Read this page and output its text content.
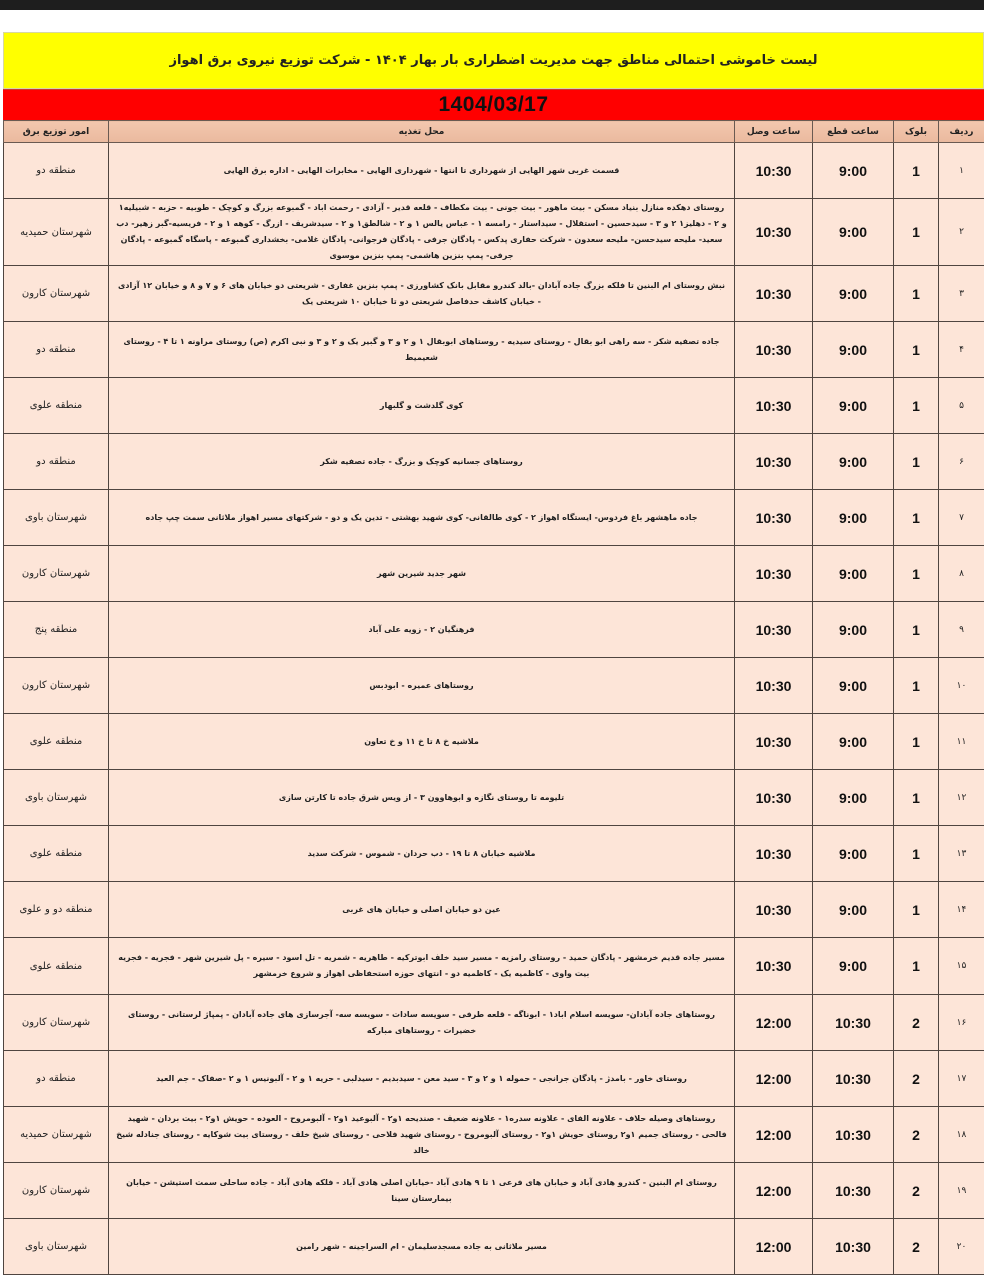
لیست خاموشی احتمالی مناطق جهت مدیریت اضطراری بار بهار ۱۴۰۴ - شرکت توزیع نیروی برق اهواز
1404/03/17
ردیف	بلوک	ساعت قطع	ساعت وصل	محل تغذیه	امور توزیع برق
۱	1	9:00	10:30	قسمت غربی شهر الهایی از شهرداری تا انتها - شهرداری الهایی - مخابرات الهایی - اداره برق الهایی	منطقه دو
۲	1	9:00	10:30	روستای دهکده منازل بنیاد مسکن - بیت ماهور - بیت جونی - بیت مکطاف - قلعه قدیر - آزادی - رحمت اباد - گمبوعه بزرگ و کوچک - طوبیه - حزبه - شبیلیه۱ و ۲ - دهلیز۱ ۲ و ۳ - سیدحسین - استقلال - سیداستار - رامسه ۱ - عباس یالس ۱ و ۲ - شالطق۱ و ۲ - سیدشریف - ازرگ - کوهه ۱ و ۲ - فریسیه-گبر زهیر- دب سعید- ملیحه سیدحسن- ملیحه سعدون - شرکت حفاری پدکس - پادگان جرفی - پادگان فرجوانی- پادگان غلامی- بخشداری گمبوعه - پاسگاه گمبوعه - پادگان جرفی- پمپ بنزین هاشمی- پمپ بنزین موسوی	شهرستان حمیدیه
۳	1	9:00	10:30	نبش روستای ام البنین تا فلکه بزرگ جاده آبادان -بالد کندرو مقابل بانک کشاورزی - پمپ بنزین غفاری - شریعتی دو خیابان های ۶ و ۷ و ۸ و خیابان ۱۲ آزادی - خیابان کاشف حدفاصل شریعتی دو تا خیابان ۱۰ شریعتی یک	شهرستان کارون
۴	1	9:00	10:30	جاده تصفیه شکر - سه راهی ابو بقال - روستای سیدیه - روستاهای ابوبقال ۱ و ۲ و ۳ و گبیر یک و ۲ و ۳ و نبی اکرم (ص) روستای مراونه ۱ تا ۴ - روستای شعیمیط	منطقه دو
۵	1	9:00	10:30	کوی گلدشت و گلبهار	منطقه علوی
۶	1	9:00	10:30	روستاهای جسانیه کوچک و بزرگ - جاده تصفیه شکر	منطقه دو
۷	1	9:00	10:30	جاده ماهشهر باغ فردوس- ایستگاه اهواز ۲ - کوی طالقانی- کوی شهید بهشتی - تدین یک و دو - شرکتهای مسیر اهواز ملاثانی سمت چپ جاده	شهرستان باوی
۸	1	9:00	10:30	شهر جدید شیرین شهر	شهرستان کارون
۹	1	9:00	10:30	فرهنگیان ۲ - زویه علی آباد	منطقه پنج
۱۰	1	9:00	10:30	روستاهای عمیره - ابودبس	شهرستان کارون
۱۱	1	9:00	10:30	ملاشیه خ ۸ تا خ ۱۱ و خ تعاون	منطقه علوی
۱۲	1	9:00	10:30	تلیومه تا روستای نگازه و ابوهاوون ۳ - از ویس شرق جاده تا کارتن سازی	شهرستان باوی
۱۳	1	9:00	10:30	ملاشیه خیابان ۸ تا ۱۹ - دب حردان - شموس - شرکت سدید	منطقه علوی
۱۴	1	9:00	10:30	عین دو خیابان اصلی و خیابان های غربی	منطقه دو و علوی
۱۵	1	9:00	10:30	مسیر جاده قدیم خرمشهر - پادگان حمید - روستای رامزیه - مسیر سید خلف ابوترکیه - طاهریه - شمریه - تل اسود - سیره - پل شیرین شهر - فجریه - فجریه بیت واوی - کاظمیه یک - کاظمیه دو - انتهای حوزه استحفاظی اهواز و شروع خرمشهر	منطقه علوی
۱۶	2	10:30	12:00	روستاهای جاده آبادان- سویسه اسلام اباد۱ - ابوناگه - قلعه طرفی - سویسه سادات - سویسه سه- آجرسازی های جاده آبادان - پمپاژ لرستانی - روستای خضیرات - روستاهای مبارکه	شهرستان کارون
۱۷	2	10:30	12:00	روستای خاور - بامدژ - پادگان جرانجی - حموله ۱ و ۲ و ۳ - سید معن - سیدبدیم - سیدلبی - حریه ۱ و ۲ - آلبونیس ۱ و ۲ -صفاک - جم العید	منطقه دو
۱۸	2	10:30	12:00	روستاهای وصیله حلاف - علاونه الفای - علاونه سدره۱ - علاونه ضعیف - صندیحه ۱و۲ - آلبوعید ۱و۲ - آلبومروح - العوده - حویش ۱و۲ - بیت بردان - شهید فالحی - روستای جمیم ۱و۲ روستای حویش ۱و۲ - روستای آلبومروح - روستای شهید فلاحی - روستای شیخ خلف - روستای بیت شوکایه - روستای جنادله شیخ خالد	شهرستان حمیدیه
۱۹	2	10:30	12:00	روستای ام البنین - کندرو هادی آباد و خیابان های فرعی ۱ تا ۹ هادی آباد -خیابان اصلی هادی آباد - فلکه هادی آباد - جاده ساحلی سمت استیشن - خیابان بیمارستان سینا	شهرستان کارون
۲۰	2	10:30	12:00	مسیر ملاثانی به جاده مسجدسلیمان - ام السراجینه - شهر رامین	شهرستان باوی
